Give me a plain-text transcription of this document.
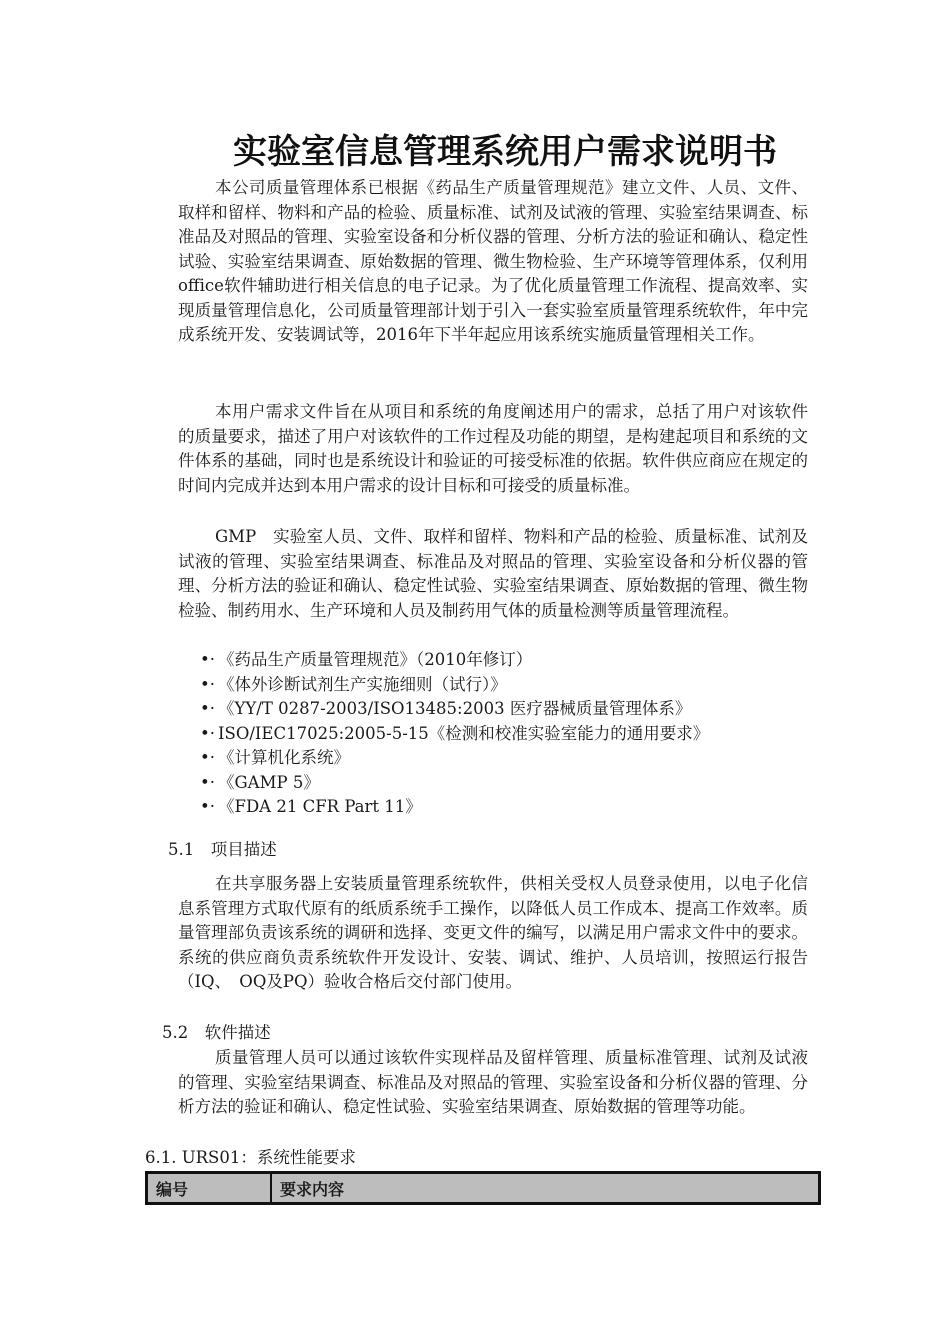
实验室信息管理系统用户需求说明书

本公司质量管理体系已根据《药品生产质量管理规范》建立文件、人员、文件、取样和留样、物料和产品的检验、质量标准、试剂及试液的管理、实验室结果调查、标准品及对照品的管理、实验室设备和分析仪器的管理、分析方法的验证和确认、稳定性试验、实验室结果调查、原始数据的管理、微生物检验、生产环境等管理体系，仅利用office软件辅助进行相关信息的电子记录。为了优化质量管理工作流程、提高效率、实现质量管理信息化，公司质量管理部计划于引入一套实验室质量管理系统软件，年中完成系统开发、安装调试等，2016年下半年起应用该系统实施质量管理相关工作。

本用户需求文件旨在从项目和系统的角度阐述用户的需求，总括了用户对该软件的质量要求，描述了用户对该软件的工作过程及功能的期望，是构建起项目和系统的文件体系的基础，同时也是系统设计和验证的可接受标准的依据。软件供应商应在规定的时间内完成并达到本用户需求的设计目标和可接受的质量标准。

GMP　实验室人员、文件、取样和留样、物料和产品的检验、质量标准、试剂及试液的管理、实验室结果调查、标准品及对照品的管理、实验室设备和分析仪器的管理、分析方法的验证和确认、稳定性试验、实验室结果调查、原始数据的管理、微生物检验、制药用水、生产环境和人员及制药用气体的质量检测等质量管理流程。

•· 《药品生产质量管理规范》（2010年修订）
•· 《体外诊断试剂生产实施细则（试行）》
•· 《YY/T 0287-2003/ISO13485:2003 医疗器械质量管理体系》
•· ISO/IEC17025:2005-5-15《检测和校准实验室能力的通用要求》
•· 《计算机化系统》
•· 《GAMP 5》
•· 《FDA 21 CFR Part 11》
5.1　项目描述

在共享服务器上安装质量管理系统软件，供相关受权人员登录使用，以电子化信息系管理方式取代原有的纸质系统手工操作，以降低人员工作成本、提高工作效率。质量管理部负责该系统的调研和选择、变更文件的编写，以满足用户需求文件中的要求。系统的供应商负责系统软件开发设计、安装、调试、维护、人员培训，按照运行报告（IQ、　OQ及PQ）验收合格后交付部门使用。

5.2　软件描述

质量管理人员可以通过该软件实现样品及留样管理、质量标准管理、试剂及试液的管理、实验室结果调查、标准品及对照品的管理、实验室设备和分析仪器的管理、分析方法的验证和确认、稳定性试验、实验室结果调查、原始数据的管理等功能。

6.1. URS01：系统性能要求
编号	要求内容
